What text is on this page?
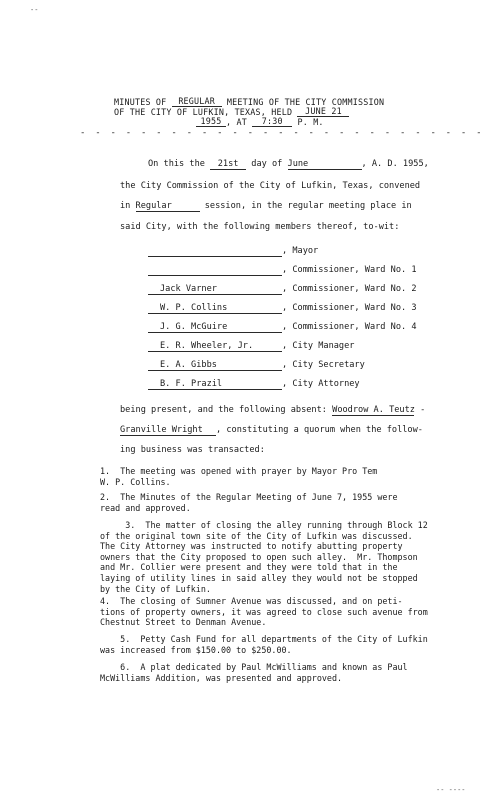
--
MINUTES OF REGULAR MEETING OF THE CITY COMMISSION
OF THE CITY OF LUFKIN, TEXAS, HELD JUNE 21
1955 , AT 7:30 P. M.
- - - - - - - - - - - - - - - - - - - - - - - - - - -
On this the 21st day of June	, A. D. 1955,
the City Commission of the City of Lufkin, Texas, convened
in Regular	session, in the regular meeting place in
said City, with the following members thereof, to-wit:
, Mayor
, Commissioner, Ward No. 1
Jack Varner	, Commissioner, Ward No. 2
W. P. Collins	, Commissioner, Ward No. 3
J. G. McGuire	, Commissioner, Ward No. 4
E. R. Wheeler, Jr.	, City Manager
E. A. Gibbs	, City Secretary
B. F. Prazil	, City Attorney
being present, and the following absent: Woodrow A. Teutz -
Granville Wright , constituting a quorum when the follow-
ing business was transacted:
1. The meeting was opened with prayer by Mayor Pro Tem
W. P. Collins.
2. The Minutes of the Regular Meeting of June 7, 1955 were
read and approved.
3. The matter of closing the alley running through Block 12
of the original town site of the City of Lufkin was discussed.
The City Attorney was instructed to notify abutting property
owners that the City proposed to open such alley.  Mr. Thompson
and Mr. Collier were present and they were told that in the
laying of utility lines in said alley they would not be stopped
by the City of Lufkin.
4. The closing of Sumner Avenue was discussed, and on peti-
tions of property owners, it was agreed to close such avenue from
Chestnut Street to Denman Avenue.
5. Petty Cash Fund for all departments of the City of Lufkin
was increased from $150.00 to $250.00.
6. A plat dedicated by Paul McWilliams and known as Paul
McWilliams Addition, was presented and approved.
-- ----
